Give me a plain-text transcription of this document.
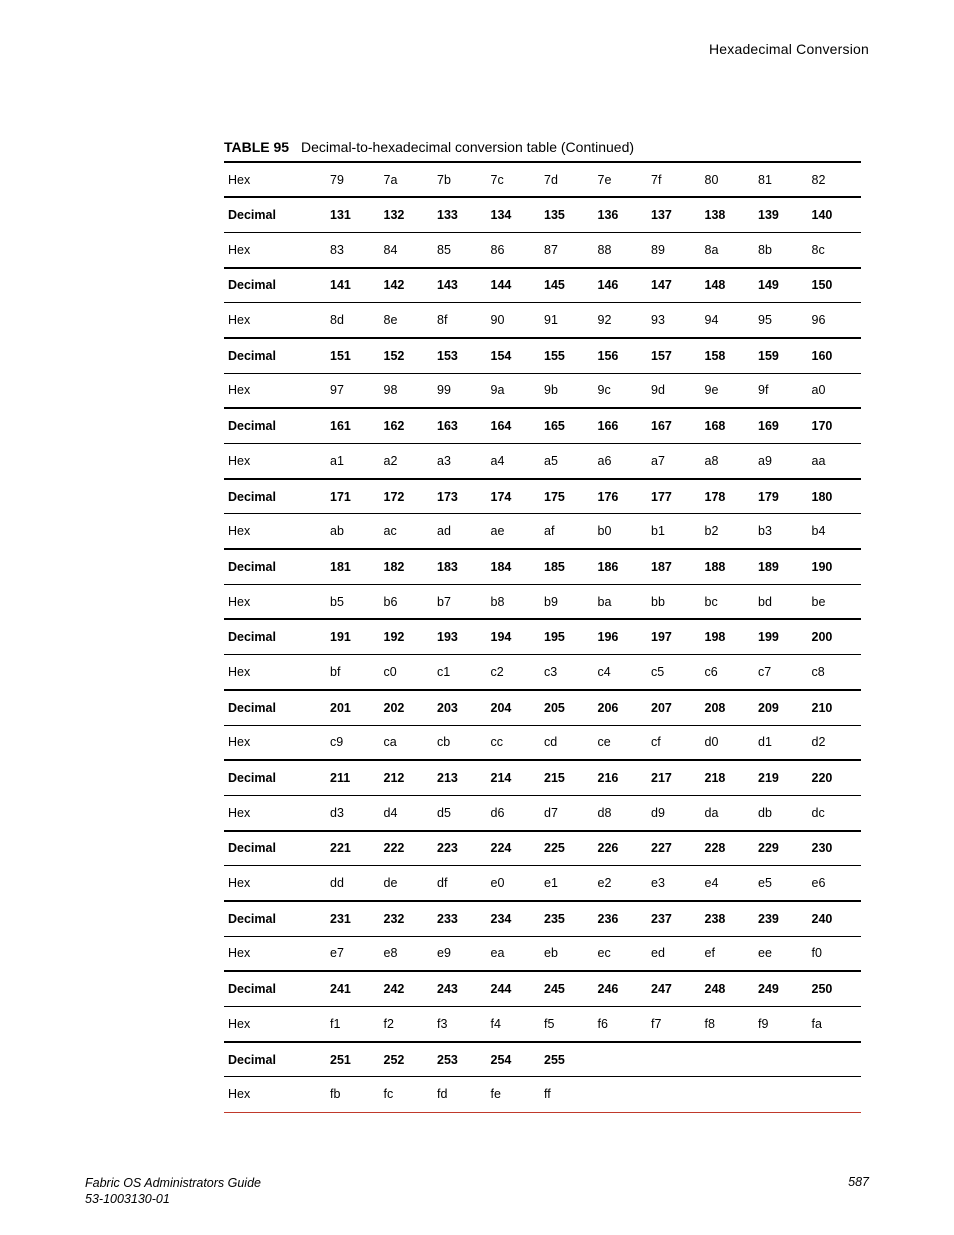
Hexadecimal Conversion
TABLE 95 Decimal-to-hexadecimal conversion table (Continued)
Hex	79	7a	7b	7c	7d	7e	7f	80	81	82
Decimal	131	132	133	134	135	136	137	138	139	140
Hex	83	84	85	86	87	88	89	8a	8b	8c
Decimal	141	142	143	144	145	146	147	148	149	150
Hex	8d	8e	8f	90	91	92	93	94	95	96
Decimal	151	152	153	154	155	156	157	158	159	160
Hex	97	98	99	9a	9b	9c	9d	9e	9f	a0
Decimal	161	162	163	164	165	166	167	168	169	170
Hex	a1	a2	a3	a4	a5	a6	a7	a8	a9	aa
Decimal	171	172	173	174	175	176	177	178	179	180
Hex	ab	ac	ad	ae	af	b0	b1	b2	b3	b4
Decimal	181	182	183	184	185	186	187	188	189	190
Hex	b5	b6	b7	b8	b9	ba	bb	bc	bd	be
Decimal	191	192	193	194	195	196	197	198	199	200
Hex	bf	c0	c1	c2	c3	c4	c5	c6	c7	c8
Decimal	201	202	203	204	205	206	207	208	209	210
Hex	c9	ca	cb	cc	cd	ce	cf	d0	d1	d2
Decimal	211	212	213	214	215	216	217	218	219	220
Hex	d3	d4	d5	d6	d7	d8	d9	da	db	dc
Decimal	221	222	223	224	225	226	227	228	229	230
Hex	dd	de	df	e0	e1	e2	e3	e4	e5	e6
Decimal	231	232	233	234	235	236	237	238	239	240
Hex	e7	e8	e9	ea	eb	ec	ed	ef	ee	f0
Decimal	241	242	243	244	245	246	247	248	249	250
Hex	f1	f2	f3	f4	f5	f6	f7	f8	f9	fa
Decimal	251	252	253	254	255					
Hex	fb	fc	fd	fe	ff					
Fabric OS Administrators Guide
53-1003130-01
587
